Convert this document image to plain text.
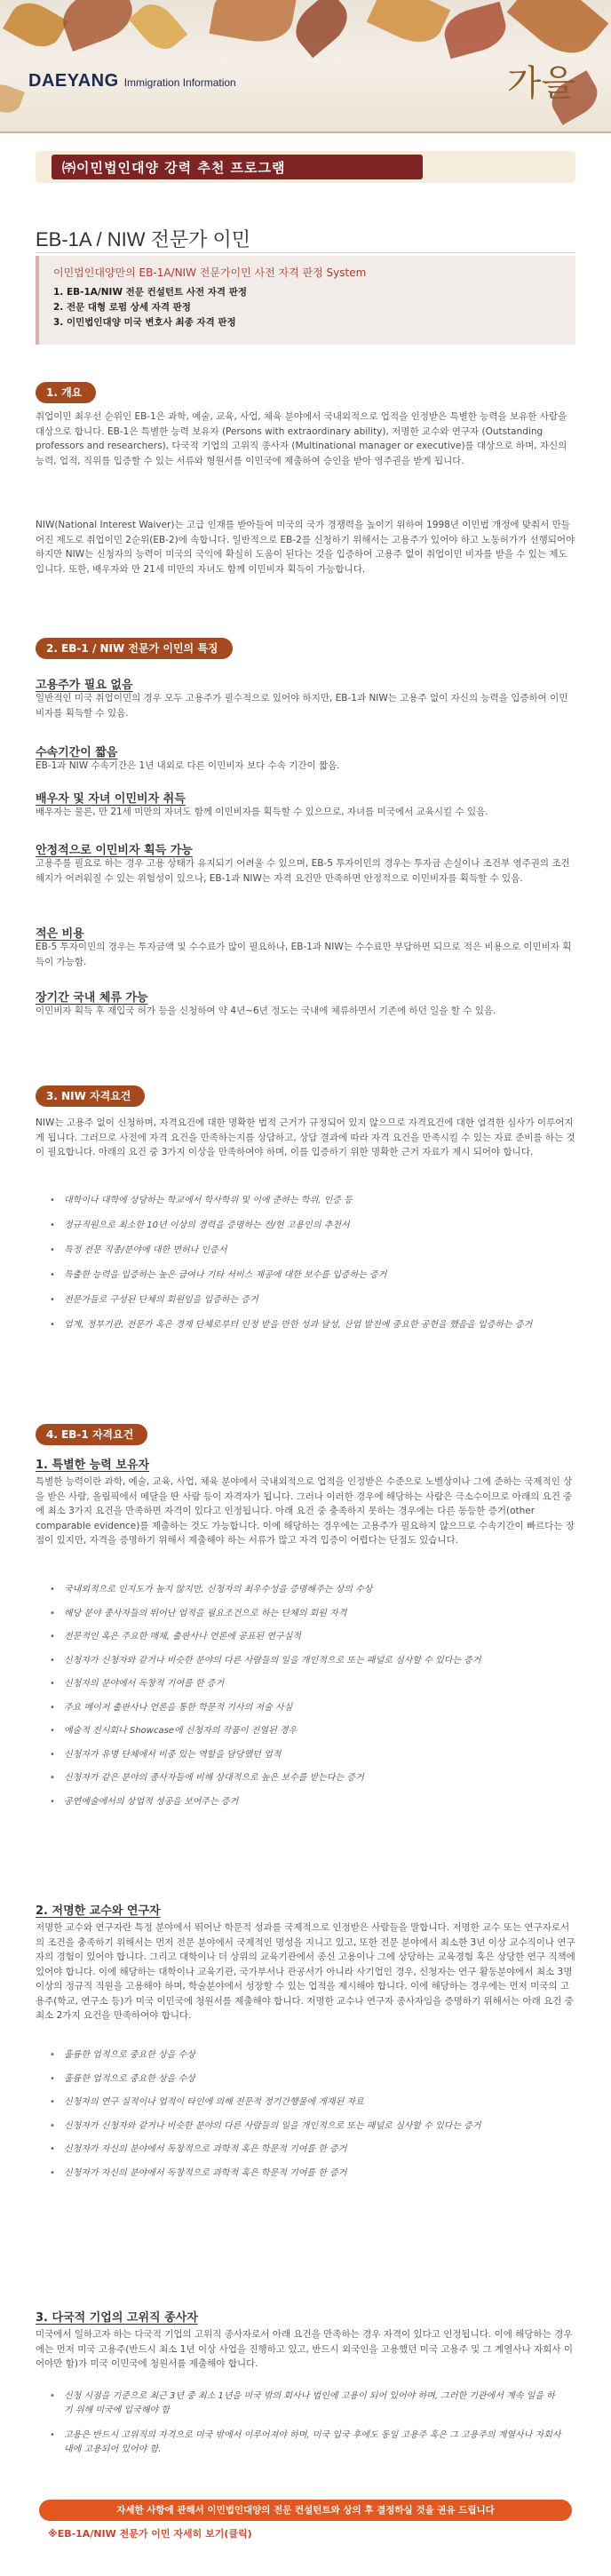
DAEYANG Immigration Information	가을
㈜이민법인대양 강력 추천 프로그램
EB-1A / NIW 전문가 이민
이민법인대양만의 EB-1A/NIW 전문가이민 사전 자격 판정 System
1. EB-1A/NIW 전문 컨설턴트 사전 자격 판정
2. 전문 대형 로펌 상세 자격 판정
3. 이민법인대양 미국 변호사 최종 자격 판정
1. 개요
취업이민 최우선 순위인 EB-1은 과학, 예술, 교육, 사업, 체육 분야에서 국내외적으로 업적을 인정받은 특별한 능력을 보유한 사람을 대상으로 합니다. EB-1은 특별한 능력 보유자 (Persons with extraordinary ability), 저명한 교수와 연구자 (Outstanding professors and researchers), 다국적 기업의 고위직 종사자 (Multinational manager or executive)를 대상으로 하며, 자신의 능력, 업적, 직위를 입증할 수 있는 서류와 형원서를 이민국에 제출하여 승인을 받아 영주권을 받게 됩니다.
NIW(National Interest Waiver)는 고급 인재를 받아들여 미국의 국가 경쟁력을 높이기 위하여 1998년 이민법 개정에 맞춰서 만들어진 제도로 취업이민 2순위(EB-2)에 속합니다. 일반적으로 EB-2를 신청하기 위해서는 고용주가 있어야 하고 노동허가가 선행되어야 하지만 NIW는 신청자의 능력이 미국의 국익에 확실히 도움이 된다는 것을 입증하여 고용주 없이 취업이민 비자를 받을 수 있는 제도입니다. 또한, 배우자와 만 21세 미만의 자녀도 함께 이민비자 획득이 가능합니다.
2. EB-1 / NIW 전문가 이민의 특징
고용주가 필요 없음
일반적인 미국 취업이민의 경우 모두 고용주가 필수적으로 있어야 하지만, EB-1과 NIW는 고용주 없이 자신의 능력을 입증하여 이민비자를 획득할 수 있음.
수속기간이 짧음
EB-1과 NIW 수속기간은 1년 내외로 다른 이민비자 보다 수속 기간이 짧음.
배우자 및 자녀 이민비자 취득
배우자는 물론, 만 21세 미만의 자녀도 함께 이민비자를 획득할 수 있으므로, 자녀를 미국에서 교육시킬 수 있음.
안정적으로 이민비자 획득 가능
고용주를 필요로 하는 경우 고용 상태가 유지되기 어려울 수 있으며, EB-5 투자이민의 경우는 투자금 손실이나 조건부 영주권의 조건 해지가 어려워질 수 있는 위험성이 있으나, EB-1과 NIW는 자격 요건만 만족하면 안정적으로 이민비자를 획득할 수 있음.
적은 비용
EB-5 투자이민의 경우는 투자금액 및 수수료가 많이 필요하나, EB-1과 NIW는 수수료만 부담하면 되므로 적은 비용으로 이민비자 획득이 가능함.
장기간 국내 체류 가능
이민비자 획득 후 재입국 허가 등을 신청하여 약 4년~6년 정도는 국내에 체류하면서 기존에 하던 일을 할 수 있음.
3. NIW 자격요건
NIW는 고용주 없이 신청하며, 자격요건에 대한 명확한 법적 근거가 규정되어 있지 않으므로 자격요건에 대한 엄격한 심사가 이루어지게 됩니다. 그러므로 사전에 자격 요건을 만족하는지를 상담하고, 상담 결과에 따라 자격 요건을 만족시킬 수 있는 자료 준비를 하는 것이 필요합니다. 아래의 요건 중 3가지 이상을 만족하여야 하며, 이를 입증하기 위한 명확한 근거 자료가 제시 되어야 합니다.
• 대학이나 대학에 상당하는 학교에서 학사학위 및 이에 준하는 학위, 인증 등
• 정규직원으로 최소한 10년 이상의 경력을 증명하는 전/현 고용인의 추천서
• 특정 전문 직종/분야에 대한 면허나 인증서
• 특출한 능력을 입증하는 높은 급여나 기타 서비스 제공에 대한 보수를 입증하는 증거
• 전문가들로 구성된 단체의 회원임을 입증하는 증거
• 업계, 정부기관, 전문가 혹은 경제 단체로부터 인정 받을 만한 성과 달성, 산업 발전에 중요한 공헌을 했음을 입증하는 증거
4. EB-1 자격요건
1. 특별한 능력 보유자
특별한 능력이란 과학, 예술, 교육, 사업, 체육 분야에서 국내외적으로 업적을 인정받은 수준으로 노벨상이나 그에 준하는 국제적인 상을 받은 사람, 올림픽에서 메달을 딴 사람 등이 자격자가 됩니다. 그러나 이러한 경우에 해당하는 사람은 극소수이므로 아래의 요건 중에 최소 3가지 요건을 만족하면 자격이 있다고 인정됩니다. 아래 요건 중 충족하지 못하는 경우에는 다른 동등한 증거(other comparable evidence)를 제출하는 것도 가능합니다. 이에 해당하는 경우에는 고용주가 필요하지 않으므로 수속기간이 빠르다는 장점이 있지만, 자격을 증명하기 위해서 제출해야 하는 서류가 많고 자격 입증이 어렵다는 단점도 있습니다.
• 국내외적으로 인지도가 높지 않지만, 신청자의 최우수성을 증명해주는 상의 수상
• 해당 분야 종사자들의 뛰어난 업적을 필요조건으로 하는 단체의 회원 자격
• 전문적인 혹은 주요한 매체, 출판사나 언론에 공표된 연구실적
• 신청자가 신청자와 같거나 비슷한 분야의 다른 사람들의 일을 개인적으로 또는 패널로 심사할 수 있다는 증거
• 신청자의 분야에서 독창적 기여를 한 증거
• 주요 메이저 출판사나 언론을 통한 학문적 기사의 저술 사실
• 예술적 전시회나 Showcase에 신청자의 작품이 진열된 경우
• 신청자가 유명 단체에서 비중 있는 역할을 담당했던 업적
• 신청자가 같은 분야의 종사자들에 비해 상대적으로 높은 보수를 받는다는 증거
• 공연예술에서의 상업적 성공을 보여주는 증거
2. 저명한 교수와 연구자
저명한 교수와 연구자란 특정 분야에서 뛰어난 학문적 성과를 국제적으로 인정받은 사람들을 말합니다. 저명한 교수 또는 연구자로서의 조건을 충족하기 위해서는 먼저 전문 분야에서 국제적인 명성을 지니고 있고, 또한 전문 분야에서 최소한 3년 이상 교수직이나 연구자의 경험이 있어야 합니다. 그리고 대학이나 더 상위의 교육기관에서 종신 고용이나 그에 상당하는 교육경험 혹은 상당한 연구 직책에 있어야 합니다. 이에 해당하는 대학이나 교육기관, 국가부서나 관공서가 아니라 사기업인 경우, 신청자는 연구 활동분야에서 최소 3명 이상의 정규직 직원을 고용해야 하며, 학술분야에서 성장할 수 있는 업적을 제시해야 합니다. 이에 해당하는 경우에는 먼저 미국의 고용주(학교, 연구소 등)가 미국 이민국에 청원서를 제출해야 합니다. 저명한 교수나 연구자 종사자임을 증명하기 위해서는 아래 요건 중 최소 2가지 요건을 만족하여야 합니다.
• 훌륭한 업적으로 중요한 상을 수상
• 훌륭한 업적으로 중요한 상을 수상
• 신청자의 연구 실적이나 업적이 타인에 의해 전문적 정기간행물에 게재된 자료
• 신청자가 신청자와 같거나 비슷한 분야의 다른 사람들의 일을 개인적으로 또는 패널로 심사할 수 있다는 증거
• 신청자가 자신의 분야에서 독창적으로 과학적 혹은 학문적 기여를 한 증거
• 신청자가 자신의 분야에서 독창적으로 과학적 혹은 학문적 기여를 한 증거
3. 다국적 기업의 고위직 종사자
미국에서 일하고자 하는 다국적 기업의 고위직 종사자로서 아래 요건을 만족하는 경우 자격이 있다고 인정됩니다. 이에 해당하는 경우에는 먼저 미국 고용주(반드시 최소 1년 이상 사업을 진행하고 있고, 반드시 외국인을 고용했던 미국 고용주 및 그 계열사나 자회사 이어야만 함)가 미국 이민국에 청원서를 제출해야 합니다.
• 신청 시점을 기준으로 최근 3년 중 최소 1년을 미국 밖의 회사나 법인에 고용이 되어 있어야 하며, 그러한 기관에서 계속 일을 하기 위해 미국에 입국해야 함
• 고용은 반드시 고위직의 자격으로 미국 밖에서 이루어져야 하며, 미국 입국 후에도 동일 고용주 혹은 그 고용주의 계열사나 자회사 내에 고용되어 있어야 함.
자세한 사항에 관해서 이민법인대양의 전문 컨설턴트와 상의 후 결정하실 것을 권유 드립니다
※EB-1A/NIW 전문가 이민 자세히 보기(클릭)
